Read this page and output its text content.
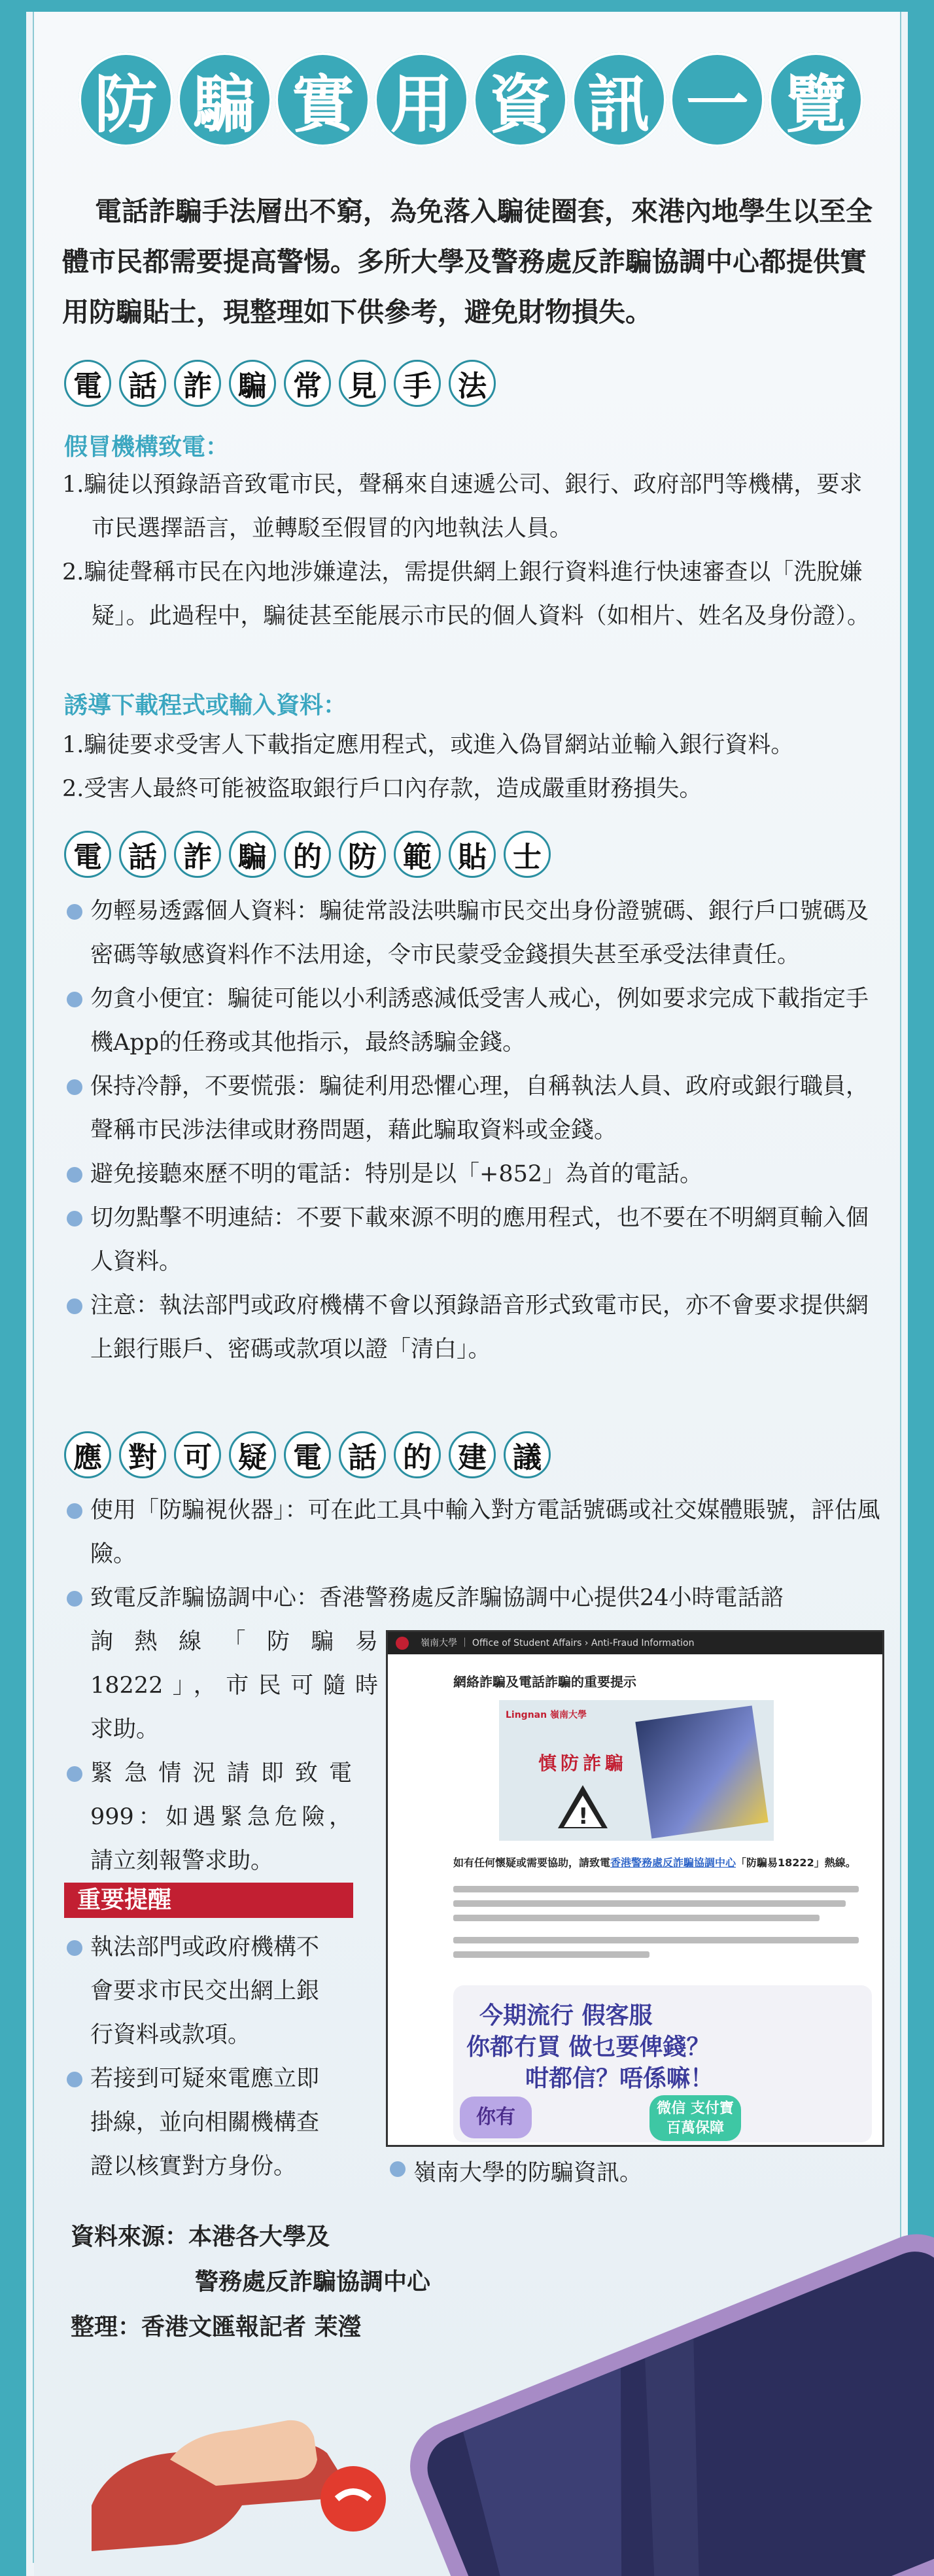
防 騙 實 用 資 訊 一 覽
電話詐騙手法層出不窮，為免落入騙徒圈套，來港內地學生以至全體市民都需要提高警惕。多所大學及警務處反詐騙協調中心都提供實用防騙貼士，現整理如下供參考，避免財物損失。
電 話 詐 騙 常 見 手 法
假冒機構致電：
1.騙徒以預錄語音致電市民，聲稱來自速遞公司、銀行、政府部門等機構，要求市民選擇語言，並轉駁至假冒的內地執法人員。
2.騙徒聲稱市民在內地涉嫌違法，需提供網上銀行資料進行快速審查以「洗脫嫌疑」。此過程中，騙徒甚至能展示市民的個人資料（如相片、姓名及身份證）。
誘導下載程式或輸入資料：
1.騙徒要求受害人下載指定應用程式，或進入偽冒網站並輸入銀行資料。
2.受害人最終可能被盜取銀行戶口內存款，造成嚴重財務損失。
電 話 詐 騙 的 防 範 貼 士
勿輕易透露個人資料：騙徒常設法哄騙市民交出身份證號碼、銀行戶口號碼及密碼等敏感資料作不法用途，令市民蒙受金錢損失甚至承受法律責任。
勿貪小便宜：騙徒可能以小利誘惑減低受害人戒心，例如要求完成下載指定手機App的任務或其他指示，最終誘騙金錢。
保持冷靜，不要慌張：騙徒利用恐懼心理，自稱執法人員、政府或銀行職員，聲稱市民涉法律或財務問題，藉此騙取資料或金錢。
避免接聽來歷不明的電話：特別是以「+852」為首的電話。
切勿點擊不明連結：不要下載來源不明的應用程式，也不要在不明網頁輸入個人資料。
注意：執法部門或政府機構不會以預錄語音形式致電市民，亦不會要求提供網上銀行賬戶、密碼或款項以證「清白」。
應 對 可 疑 電 話 的 建 議
使用「防騙視伙器」：可在此工具中輸入對方電話號碼或社交媒體賬號，評估風險。
致電反詐騙協調中心：香港警務處反詐騙協調中心提供24小時電話諮
詢熱線「防騙易
18222」，市民可隨時
求助。
緊急情況請即致電
999：如遇緊急危險，
請立刻報警求助。
重要提醒
執法部門或政府機構不
會要求市民交出網上銀
行資料或款項。
若接到可疑來電應立即
掛線，並向相關機構查
證以核實對方身份。
嶺南大學 ｜ Office of Student Affairs › Anti-Fraud Information
網絡詐騙及電話詐騙的重要提示
Lingnan 嶺南大學
慎防詐騙
!
如有任何懷疑或需要協助，請致電香港警務處反詐騙協調中心「防騙易18222」熱線。
今期流行 假客服
你都冇買 做乜要俾錢？
咁都信？唔係嘛！
你有	微信 支付寶 百萬保障
嶺南大學的防騙資訊。
資料來源：本港各大學及
警務處反詐騙協調中心
整理：香港文匯報記者 茉瀅
